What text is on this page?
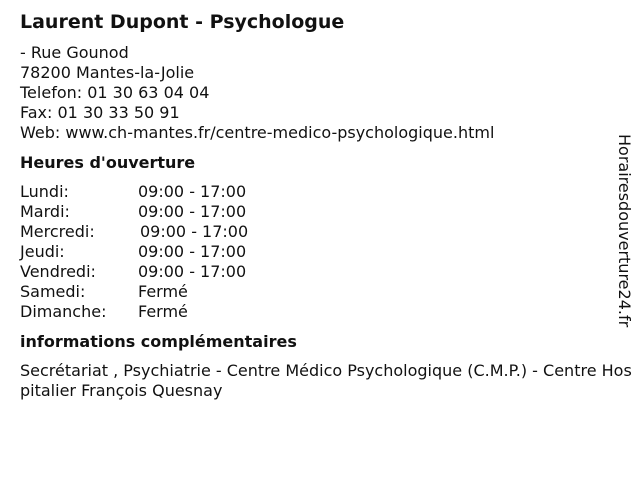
Laurent Dupont - Psychologue
- Rue Gounod
78200 Mantes-la-Jolie
Telefon: 01 30 63 04 04
Fax: 01 30 33 50 91
Web: www.ch-mantes.fr/centre-medico-psychologique.html
Heures d'ouverture
Lundi:	09:00 - 17:00
Mardi:	09:00 - 17:00
Mercredi:	09:00 - 17:00
Jeudi:	09:00 - 17:00
Vendredi:	09:00 - 17:00
Samedi:	Fermé
Dimanche:	Fermé
informations complémentaires
Secrétariat , Psychiatrie - Centre Médico Psychologique (C.M.P.) - Centre Hospitalier François Quesnay
Horairesdouverture24.fr
